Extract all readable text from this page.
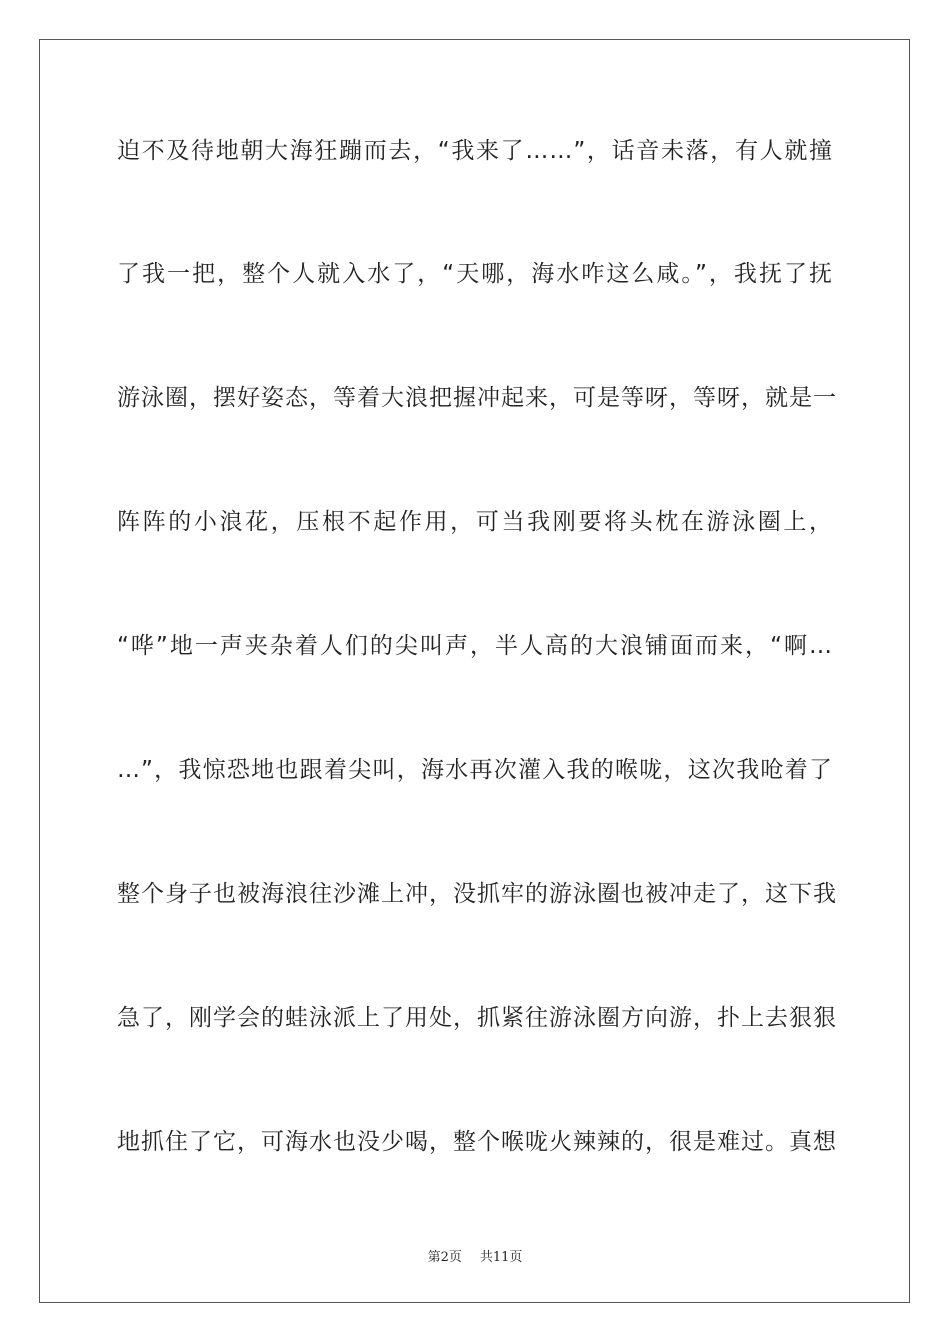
迫不及待地朝大海狂蹦而去，“我来了……”，话音未落，有人就撞
了我一把，整个人就入水了，“天哪，海水咋这么咸。”，我抚了抚
游泳圈，摆好姿态，等着大浪把握冲起来，可是等呀，等呀，就是一
阵阵的小浪花，压根不起作用，可当我刚要将头枕在游泳圈上，
“哗”地一声夹杂着人们的尖叫声，半人高的大浪铺面而来，“啊…
…”，我惊恐地也跟着尖叫，海水再次灌入我的喉咙，这次我呛着了
整个身子也被海浪往沙滩上冲，没抓牢的游泳圈也被冲走了，这下我
急了，刚学会的蛙泳派上了用处，抓紧往游泳圈方向游，扑上去狠狠
地抓住了它，可海水也没少喝，整个喉咙火辣辣的，很是难过。真想
第2页 共11页
